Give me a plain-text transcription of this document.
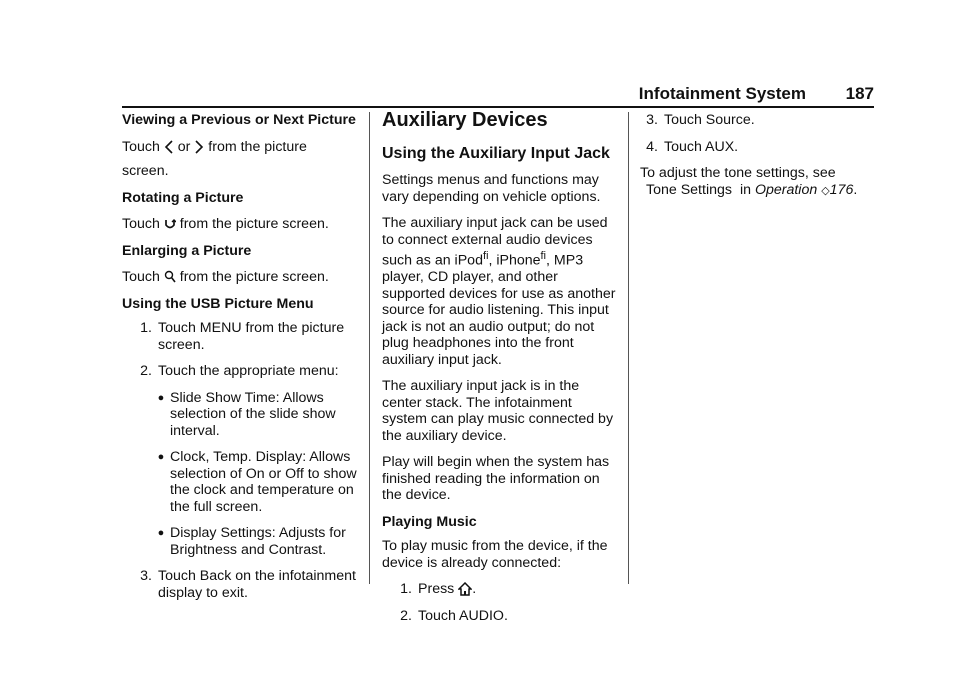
Infotainment System 187

Viewing a Previous or Next Picture

Touch or from the picture

screen.

Rotating a Picture

Touch from the picture screen.

Enlarging a Picture

Touch from the picture screen.

Using the USB Picture Menu

1. Touch MENU from the picture screen.
2. Touch the appropriate menu:
● Slide Show Time: Allows selection of the slide show interval.
● Clock, Temp. Display: Allows selection of On or Off to show the clock and temperature on the full screen.
● Display Settings: Adjusts for Brightness and Contrast.
3. Touch Back on the infotainment display to exit.

Auxiliary Devices

Using the Auxiliary Input Jack

Settings menus and functions may vary depending on vehicle options.

The auxiliary input jack can be used to connect external audio devices such as an iPod$^ﬁ$, iPhone$^ﬁ$, MP3 player, CD player, and other supported devices for use as another source for audio listening. This input jack is not an audio output; do not plug headphones into the front auxiliary input jack.

The auxiliary input jack is in the center stack. The infotainment system can play music connected by the auxiliary device.

Play will begin when the system has finished reading the information on the device.

Playing Music

To play music from the device, if the device is already connected:

1. Press .
2. Touch AUDIO.
3. Touch Source.
4. Touch AUX.

To adjust the tone settings, see
Tone Settings in Operation ◇176.
